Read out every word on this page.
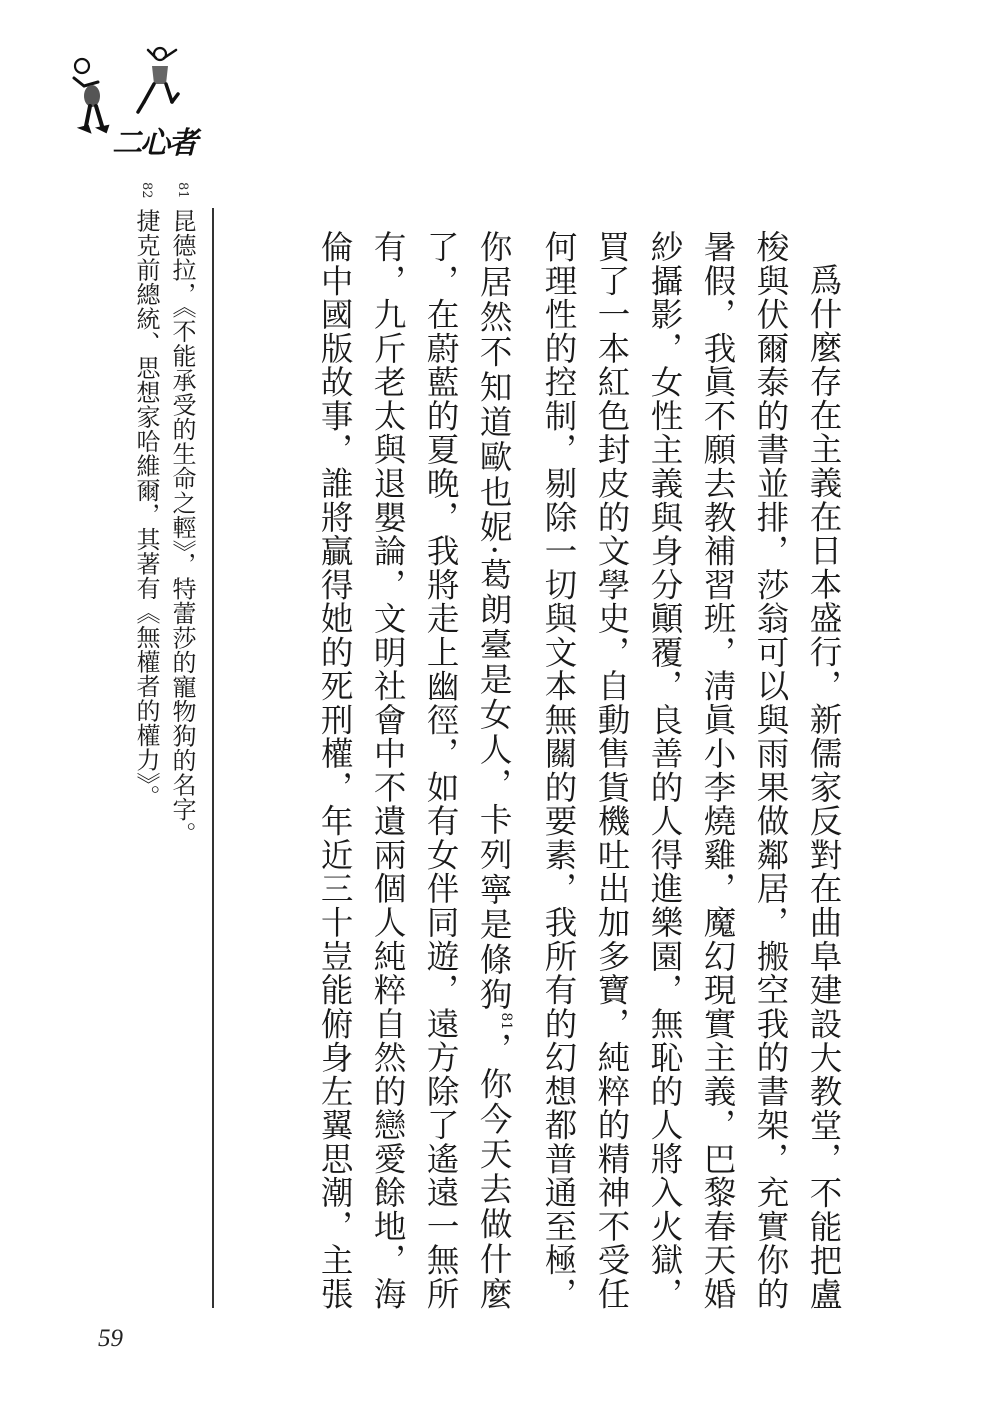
二心者

爲什麼存在主義在日本盛行，新儒家反對在曲阜建設大教堂，不能把盧梭與伏爾泰的書並排，莎翁可以與雨果做鄰居，搬空我的書架，充實你的暑假，我眞不願去教補習班，淸眞小李燒雞，魔幻現實主義，巴黎春天婚紗攝影，女性主義與身分顚覆，良善的人得進樂園，無恥的人將入火獄，買了一本紅色封皮的文學史，自動售貨機吐出加多寶，純粹的精神不受任何理性的控制，剔除一切與文本無關的要素，我所有的幻想都普通至極，你居然不知道歐也妮·葛朗臺是女人，卡列寧是條狗$^{81}$，你今天去做什麼了，在蔚藍的夏晚，我將走上幽徑，如有女伴同遊，遠方除了遙遠一無所有，九斤老太與退嬰論，文明社會中不遺兩個人純粹自然的戀愛餘地，海倫中國版故事，誰將贏得她的死刑權，年近三十豈能俯身左翼思潮，主張

81昆德拉，《不能承受的生命之輕》，特蕾莎的寵物狗的名字。

82捷克前總統、思想家哈維爾，其著有《無權者的權力》。

59
